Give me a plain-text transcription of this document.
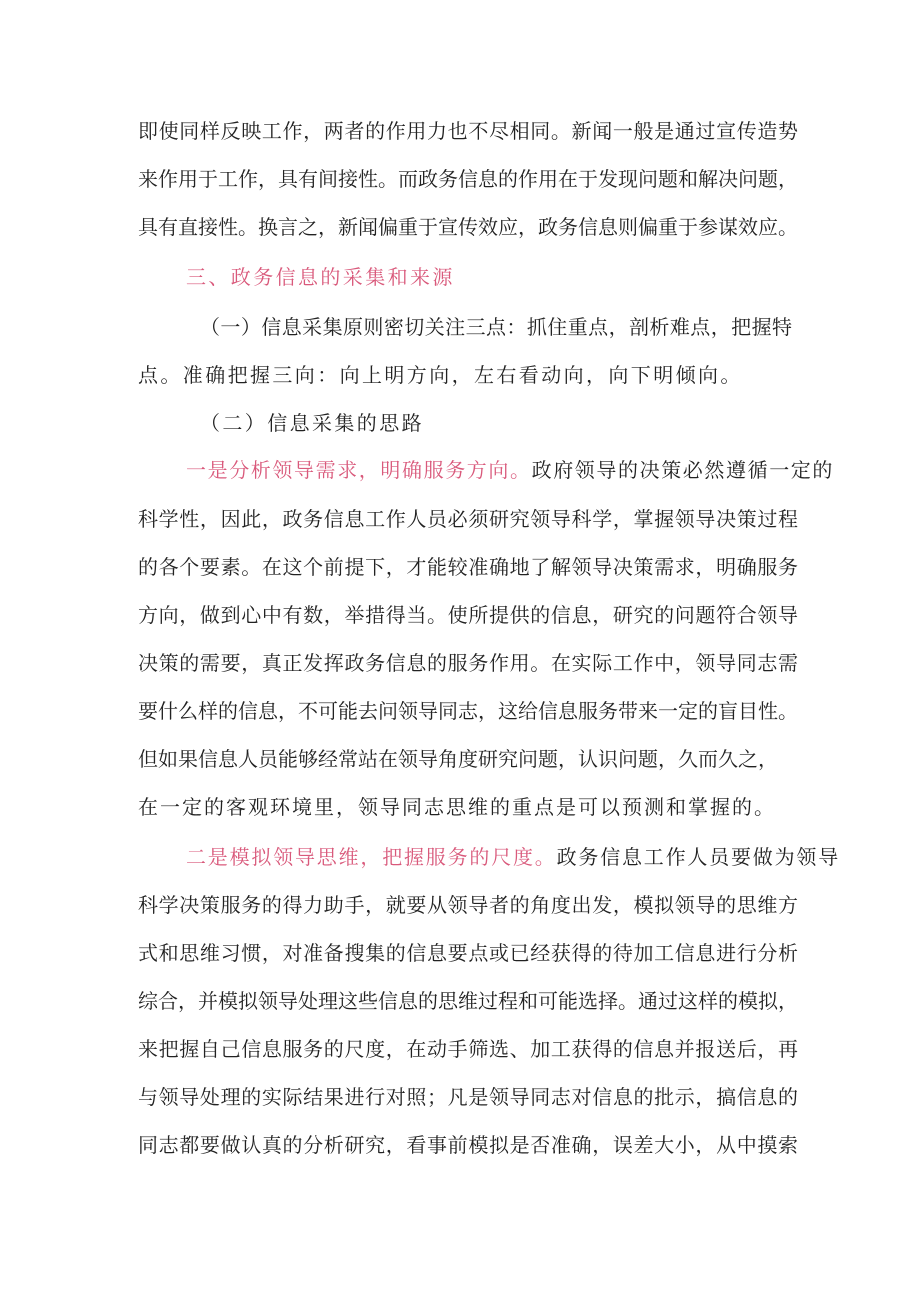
即使同样反映工作，两者的作用力也不尽相同。新闻一般是通过宣传造势
来作用于工作，具有间接性。而政务信息的作用在于发现问题和解决问题，
具有直接性。换言之，新闻偏重于宣传效应，政务信息则偏重于参谋效应。
三、政务信息的采集和来源
（一）信息采集原则密切关注三点：抓住重点，剖析难点，把握特
点。准确把握三向：向上明方向，左右看动向，向下明倾向。
（二）信息采集的思路
一是分析领导需求，明确服务方向。政府领导的决策必然遵循一定的
科学性，因此，政务信息工作人员必须研究领导科学，掌握领导决策过程
的各个要素。在这个前提下，才能较准确地了解领导决策需求，明确服务
方向，做到心中有数，举措得当。使所提供的信息，研究的问题符合领导
决策的需要，真正发挥政务信息的服务作用。在实际工作中，领导同志需
要什么样的信息，不可能去问领导同志，这给信息服务带来一定的盲目性。
但如果信息人员能够经常站在领导角度研究问题，认识问题，久而久之，
在一定的客观环境里，领导同志思维的重点是可以预测和掌握的。
二是模拟领导思维，把握服务的尺度。政务信息工作人员要做为领导
科学决策服务的得力助手，就要从领导者的角度出发，模拟领导的思维方
式和思维习惯，对准备搜集的信息要点或已经获得的待加工信息进行分析
综合，并模拟领导处理这些信息的思维过程和可能选择。通过这样的模拟，
来把握自己信息服务的尺度，在动手筛选、加工获得的信息并报送后，再
与领导处理的实际结果进行对照；凡是领导同志对信息的批示，搞信息的
同志都要做认真的分析研究，看事前模拟是否准确，误差大小，从中摸索
